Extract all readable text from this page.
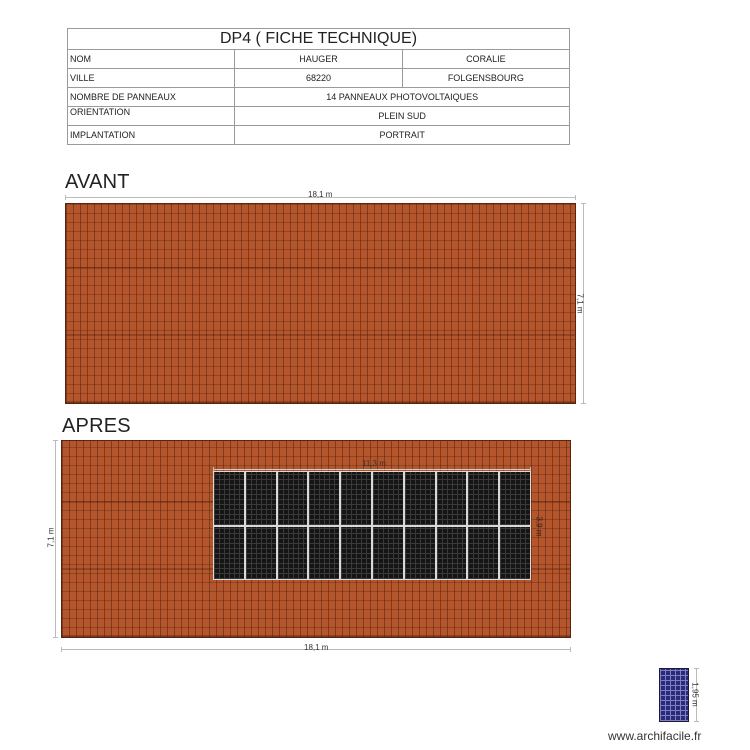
DP4 ( FICHE TECHNIQUE)		
NOM	HAUGER	CORALIE
VILLE	68220	FOLGENSBOURG
NOMBRE DE PANNEAUX	14 PANNEAUX PHOTOVOLTAIQUES	
ORIENTATION	PLEIN SUD	
IMPLANTATION	PORTRAIT	
AVANT
18,1 m
7,1 m
APRES
11,3 m
3,9 m
7,1 m
18,1 m
1,95 m
www.archifacile.fr
